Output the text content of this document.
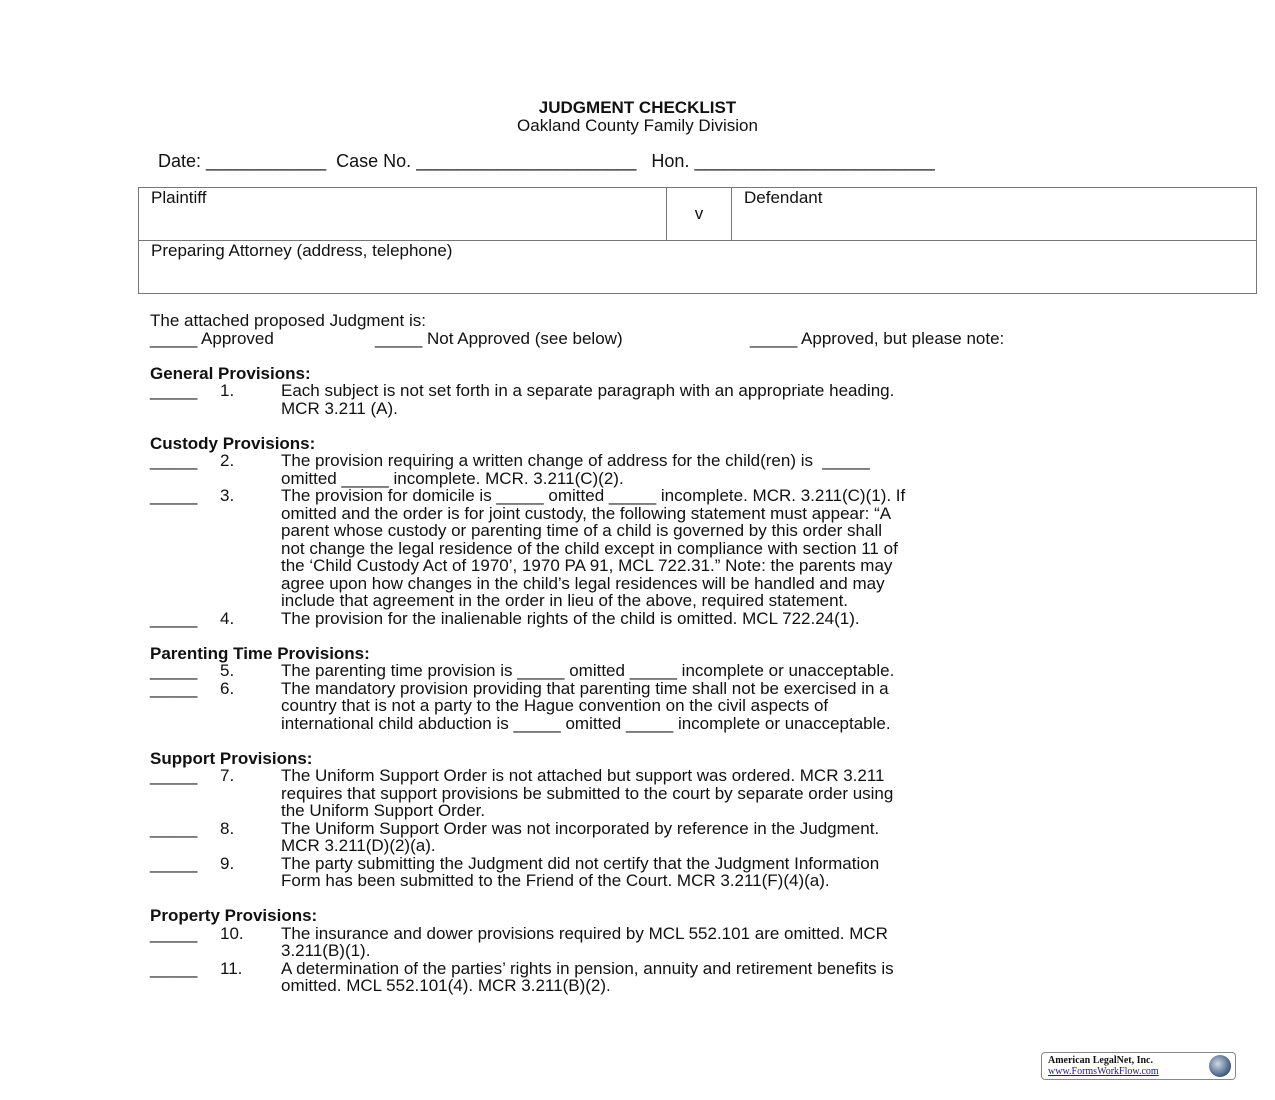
JUDGMENT CHECKLIST
Oakland County Family Division
Date: ____________  Case No. ______________________   Hon. ________________________
Plaintiff	v	Defendant
Preparing Attorney (address, telephone)
The attached proposed Judgment is:
_____ Approved	_____ Not Approved (see below)	_____ Approved, but please note:
General Provisions:
_____	1.	Each subject is not set forth in a separate paragraph with an appropriate heading.
MCR 3.211 (A).
Custody Provisions:
_____	2.	The provision requiring a written change of address for the child(ren) is  _____
omitted _____ incomplete. MCR. 3.211(C)(2).
_____	3.	The provision for domicile is _____ omitted _____ incomplete. MCR. 3.211(C)(1). If
omitted and the order is for joint custody, the following statement must appear: “A
parent whose custody or parenting time of a child is governed by this order shall
not change the legal residence of the child except in compliance with section 11 of
the ‘Child Custody Act of 1970’, 1970 PA 91, MCL 722.31.” Note: the parents may
agree upon how changes in the child’s legal residences will be handled and may
include that agreement in the order in lieu of the above, required statement.
_____	4.	The provision for the inalienable rights of the child is omitted. MCL 722.24(1).
Parenting Time Provisions:
_____	5.	The parenting time provision is _____ omitted _____ incomplete or unacceptable.
_____	6.	The mandatory provision providing that parenting time shall not be exercised in a
country that is not a party to the Hague convention on the civil aspects of
international child abduction is _____ omitted _____ incomplete or unacceptable.
Support Provisions:
_____	7.	The Uniform Support Order is not attached but support was ordered. MCR 3.211
requires that support provisions be submitted to the court by separate order using
the Uniform Support Order.
_____	8.	The Uniform Support Order was not incorporated by reference in the Judgment.
MCR 3.211(D)(2)(a).
_____	9.	The party submitting the Judgment did not certify that the Judgment Information
Form has been submitted to the Friend of the Court. MCR 3.211(F)(4)(a).
Property Provisions:
_____	10.	The insurance and dower provisions required by MCL 552.101 are omitted. MCR
3.211(B)(1).
_____	11.	A determination of the parties’ rights in pension, annuity and retirement benefits is
omitted. MCL 552.101(4). MCR 3.211(B)(2).
American LegalNet, Inc.
www.FormsWorkFlow.com
